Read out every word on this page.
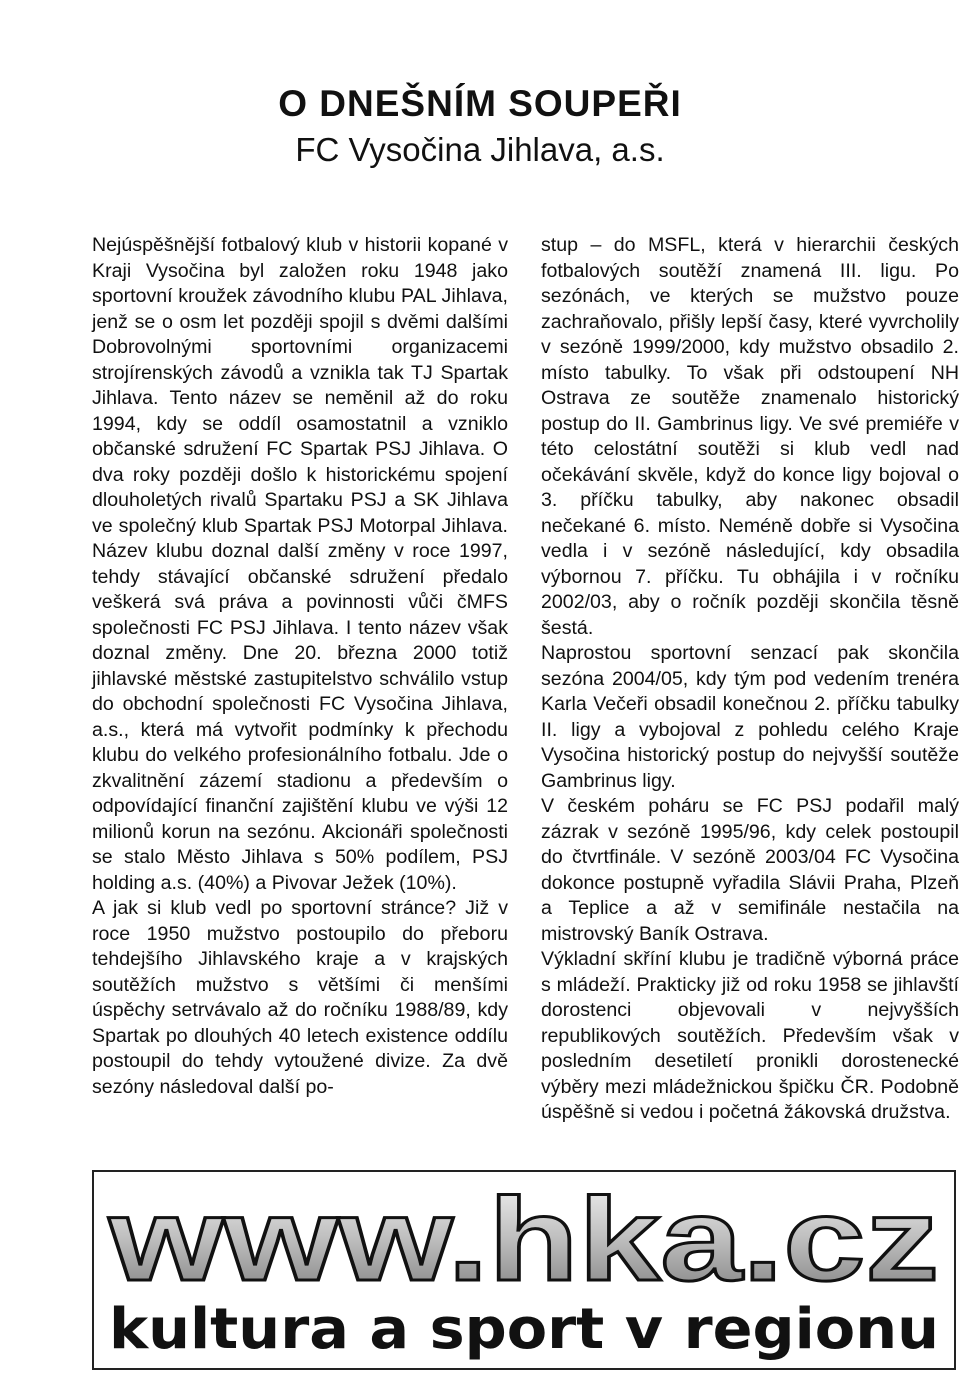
O DNEŠNÍM SOUPEŘI
FC Vysočina Jihlava, a.s.

Nejúspěšnější fotbalový klub v historii kopané v Kraji Vysočina byl založen roku 1948 jako sportovní kroužek závodního klubu PAL Jihlava, jenž se o osm let později spojil s dvěmi dalšími Dobrovolnými sportovními organizacemi strojírenských závodů a vznikla tak TJ Spartak Jihlava. Tento název se neměnil až do roku 1994, kdy se oddíl osamostatnil a vzniklo občanské sdružení FC Spartak PSJ Jihlava. O dva roky později došlo k historickému spojení dlouholetých rivalů Spartaku PSJ a SK Jihlava ve společný klub Spartak PSJ Motorpal Jihlava. Název klubu doznal další změny v roce 1997, tehdy stávající občanské sdružení předalo veškerá svá práva a povinnosti vůči čMFS společnosti FC PSJ Jihlava. I tento název však doznal změny. Dne 20. března 2000 totiž jihlavské městské zastupitelstvo schválilo vstup do obchodní společnosti FC Vysočina Jihlava, a.s., která má vytvořit podmínky k přechodu klubu do velkého profesionálního fotbalu. Jde o zkvalitnění zázemí stadionu a především o odpovídající finanční zajištění klubu ve výši 12 milionů korun na sezónu. Akcionáři společnosti se stalo Město Jihlava s 50% podílem, PSJ holding a.s. (40%) a Pivovar Ježek (10%).

A jak si klub vedl po sportovní stránce? Již v roce 1950 mužstvo postoupilo do přeboru tehdejšího Jihlavského kraje a v krajských soutěžích mužstvo s většími či menšími úspěchy setrvávalo až do ročníku 1988/89, kdy Spartak po dlouhých 40 letech existence oddílu postoupil do tehdy vytoužené divize. Za dvě sezóny následoval další po-

stup – do MSFL, která v hierarchii českých fotbalových soutěží znamená III. ligu. Po sezónách, ve kterých se mužstvo pouze zachraňovalo, přišly lepší časy, které vyvrcholily v sezóně 1999/2000, kdy mužstvo obsadilo 2. místo tabulky. To však při odstoupení NH Ostrava ze soutěže znamenalo historický postup do II. Gambrinus ligy. Ve své premiéře v této celostátní soutěži si klub vedl nad očekávání skvěle, když do konce ligy bojoval o 3. příčku tabulky, aby nakonec obsadil nečekané 6. místo. Neméně dobře si Vysočina vedla i v sezóně následující, kdy obsadila výbornou 7. příčku. Tu obhájila i v ročníku 2002/03, aby o ročník později skončila těsně šestá.

Naprostou sportovní senzací pak skončila sezóna 2004/05, kdy tým pod vedením trenéra Karla Večeři obsadil konečnou 2. příčku tabulky II. ligy a vybojoval z pohledu celého Kraje Vysočina historický postup do nejvyšší soutěže Gambrinus ligy.

V českém poháru se FC PSJ podařil malý zázrak v sezóně 1995/96, kdy celek postoupil do čtvrtfinále. V sezóně 2003/04 FC Vysočina dokonce postupně vyřadila Slávii Praha, Plzeň a Teplice a až v semifinále nestačila na mistrovský Baník Ostrava.

Výkladní skříní klubu je tradičně výborná práce s mládeží. Prakticky již od roku 1958 se jihlavští dorostenci objevovali v nejvyšších republikových soutěžích. Především však v posledním desetiletí pronikli dorostenecké výběry mezi mládežnickou špičku ČR. Podobně úspěšně si vedou i početná žákovská družstva.

www.hka.cz
kultura a sport v regionu
